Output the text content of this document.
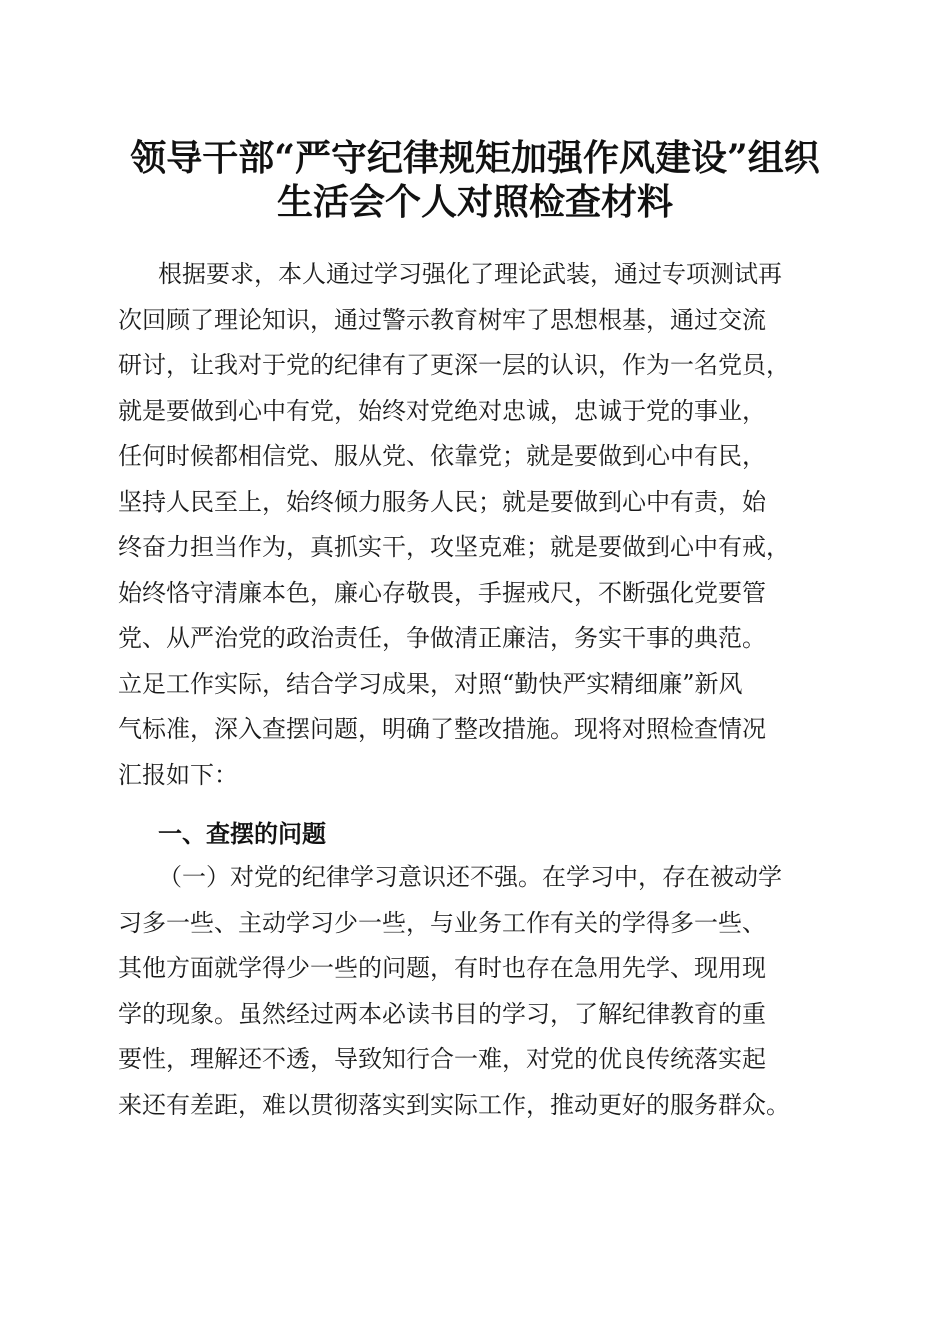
领导干部“严守纪律规矩加强作风建设”组织
生活会个人对照检查材料
根据要求，本人通过学习强化了理论武装，通过专项测试再
次回顾了理论知识，通过警示教育树牢了思想根基，通过交流
研讨，让我对于党的纪律有了更深一层的认识，作为一名党员，
就是要做到心中有党，始终对党绝对忠诚，忠诚于党的事业，
任何时候都相信党、服从党、依靠党；就是要做到心中有民，
坚持人民至上，始终倾力服务人民；就是要做到心中有责，始
终奋力担当作为，真抓实干，攻坚克难；就是要做到心中有戒，
始终恪守清廉本色，廉心存敬畏，手握戒尺，不断强化党要管
党、从严治党的政治责任，争做清正廉洁，务实干事的典范。
立足工作实际，结合学习成果，对照“勤快严实精细廉”新风
气标准，深入查摆问题，明确了整改措施。现将对照检查情况
汇报如下：
一、查摆的问题
（一）对党的纪律学习意识还不强。在学习中，存在被动学
习多一些、主动学习少一些，与业务工作有关的学得多一些、
其他方面就学得少一些的问题，有时也存在急用先学、现用现
学的现象。虽然经过两本必读书目的学习，了解纪律教育的重
要性，理解还不透，导致知行合一难，对党的优良传统落实起
来还有差距，难以贯彻落实到实际工作，推动更好的服务群众。
